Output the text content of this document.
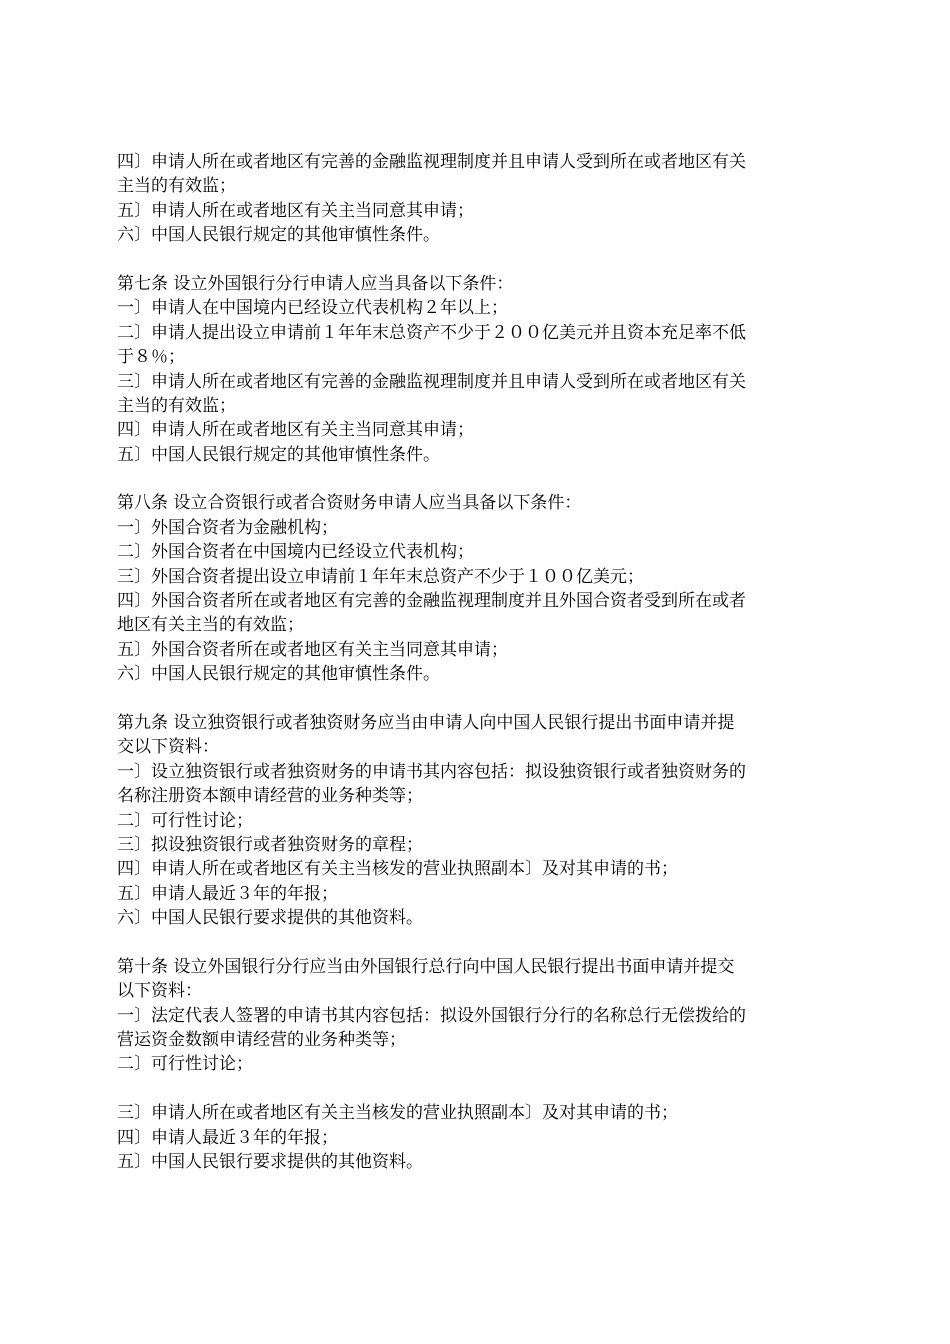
四〕申请人所在或者地区有完善的金融监视理制度并且申请人受到所在或者地区有关
主当的有效监；
五〕申请人所在或者地区有关主当同意其申请；
六〕中国人民银行规定的其他审慎性条件。
第七条 设立外国银行分行申请人应当具备以下条件：
一〕申请人在中国境内已经设立代表机构２年以上；
二〕申请人提出设立申请前１年年末总资产不少于２００亿美元并且资本充足率不低
于８％；
三〕申请人所在或者地区有完善的金融监视理制度并且申请人受到所在或者地区有关
主当的有效监；
四〕申请人所在或者地区有关主当同意其申请；
五〕中国人民银行规定的其他审慎性条件。
第八条 设立合资银行或者合资财务申请人应当具备以下条件：
一〕外国合资者为金融机构；
二〕外国合资者在中国境内已经设立代表机构；
三〕外国合资者提出设立申请前１年年末总资产不少于１００亿美元；
四〕外国合资者所在或者地区有完善的金融监视理制度并且外国合资者受到所在或者
地区有关主当的有效监；
五〕外国合资者所在或者地区有关主当同意其申请；
六〕中国人民银行规定的其他审慎性条件。
第九条 设立独资银行或者独资财务应当由申请人向中国人民银行提出书面申请并提
交以下资料：
一〕设立独资银行或者独资财务的申请书其内容包括：拟设独资银行或者独资财务的
名称注册资本额申请经营的业务种类等；
二〕可行性讨论；
三〕拟设独资银行或者独资财务的章程；
四〕申请人所在或者地区有关主当核发的营业执照副本〕及对其申请的书；
五〕申请人最近３年的年报；
六〕中国人民银行要求提供的其他资料。
第十条 设立外国银行分行应当由外国银行总行向中国人民银行提出书面申请并提交
以下资料：
一〕法定代表人签署的申请书其内容包括：拟设外国银行分行的名称总行无偿拨给的
营运资金数额申请经营的业务种类等；
二〕可行性讨论；
三〕申请人所在或者地区有关主当核发的营业执照副本〕及对其申请的书；
四〕申请人最近３年的年报；
五〕中国人民银行要求提供的其他资料。
